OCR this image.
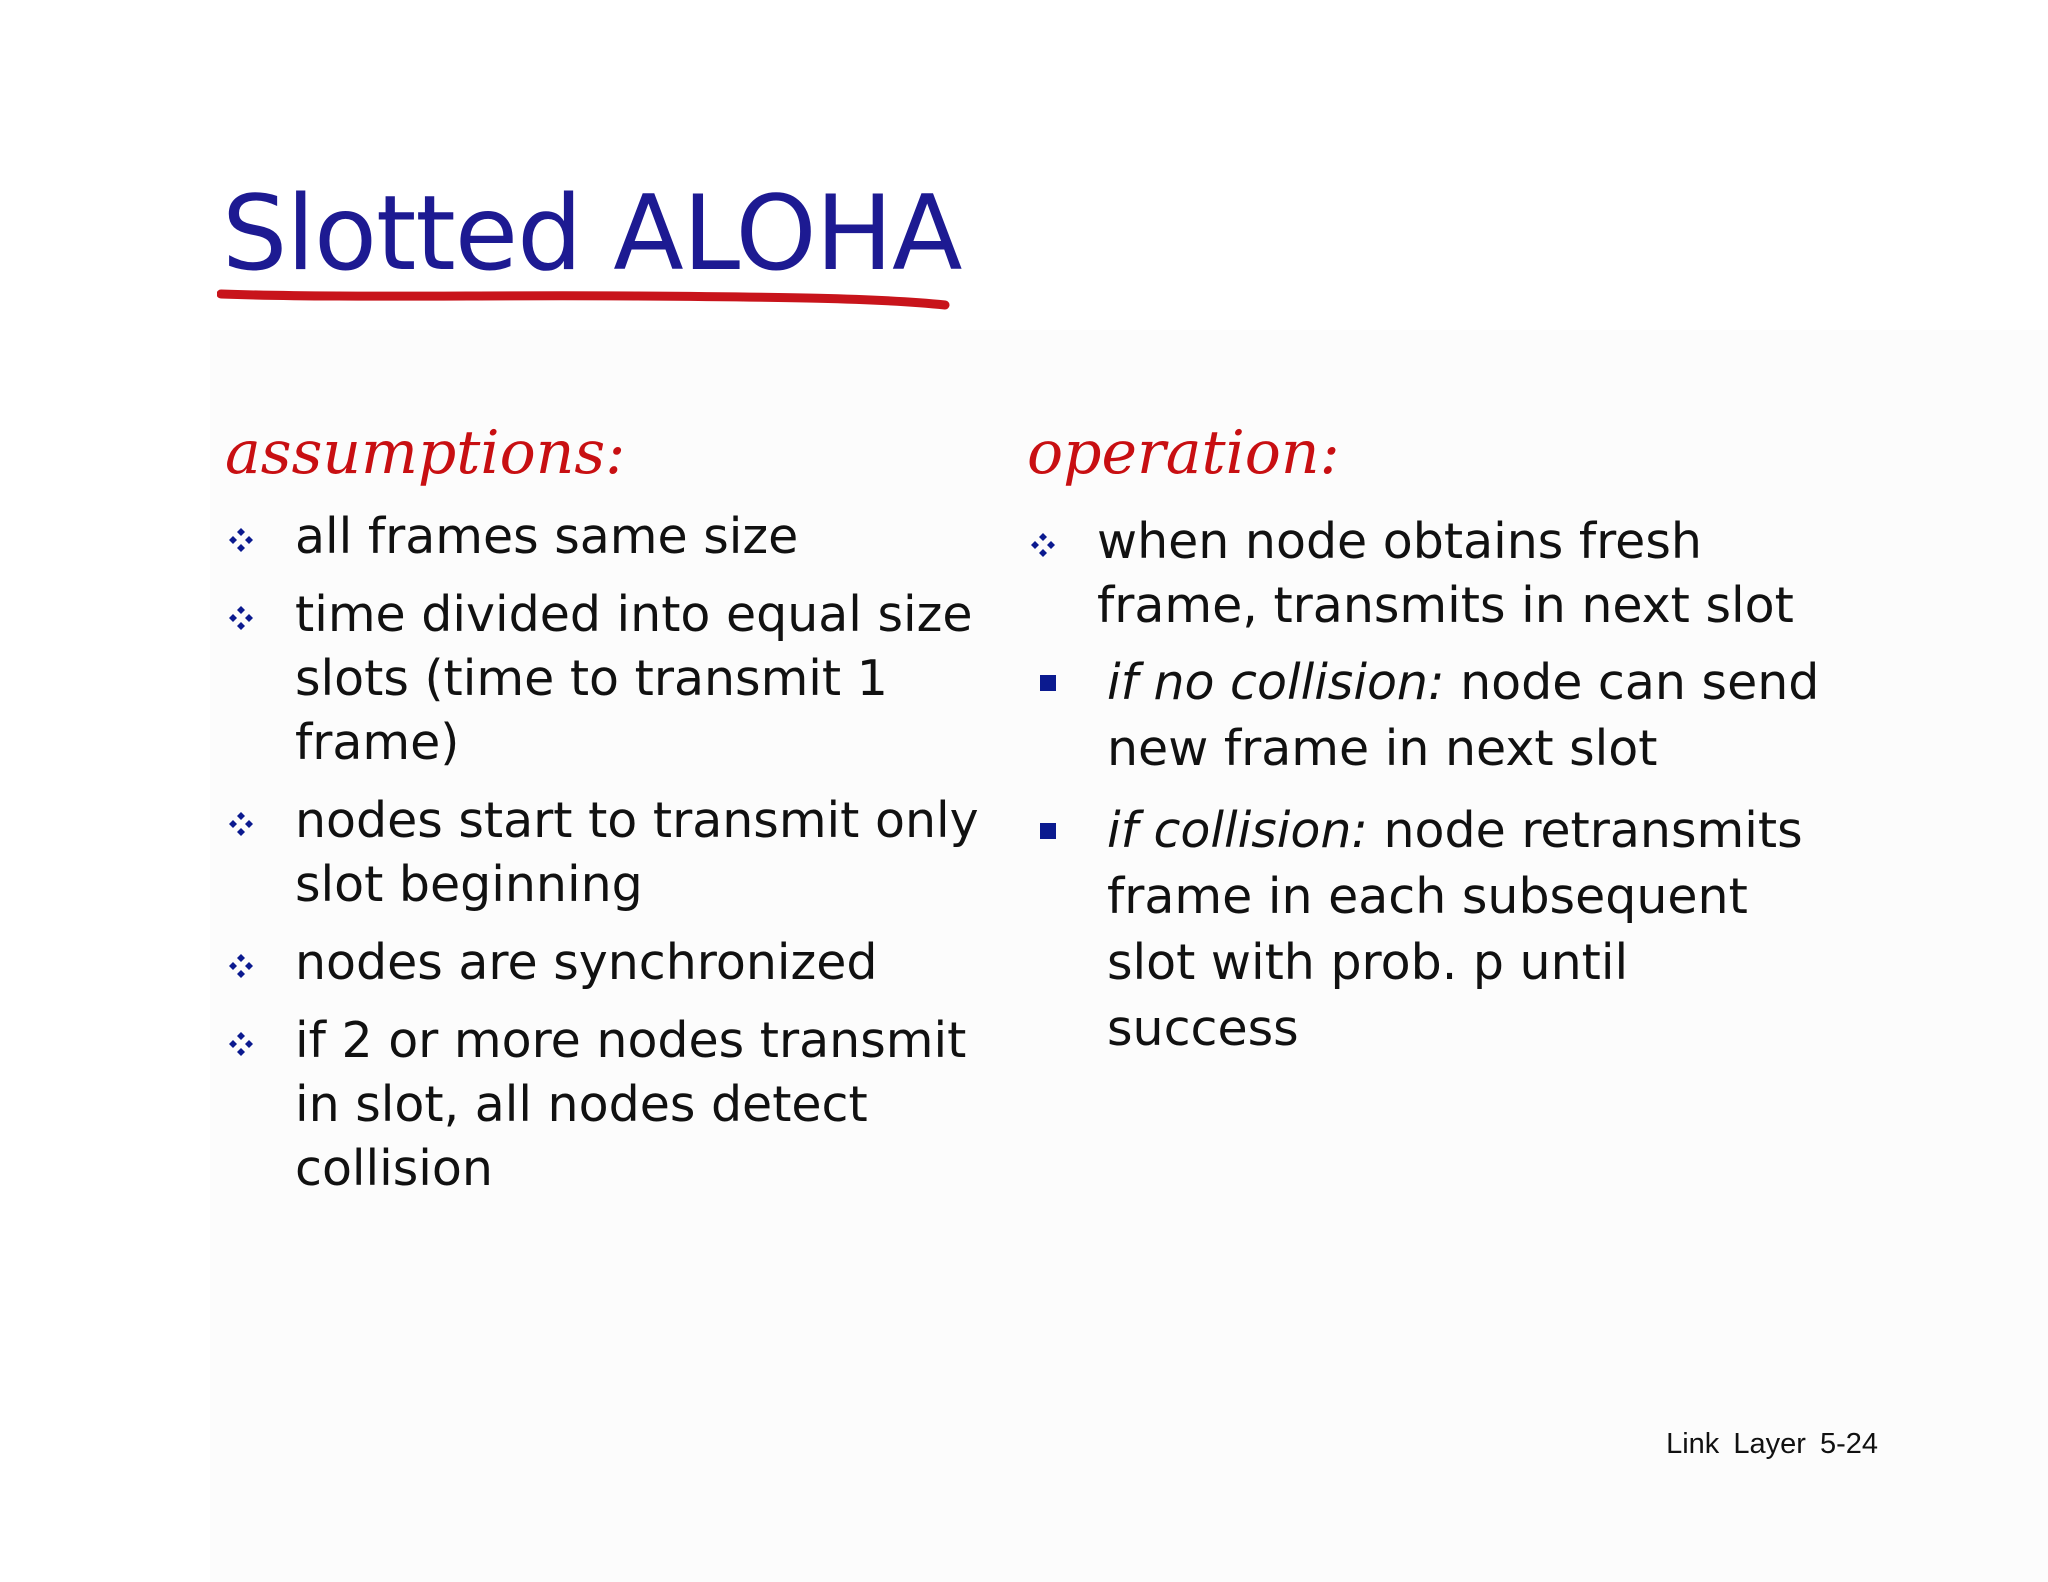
Slotted ALOHA
assumptions:	operation:
all frames same size
time divided into equal size slots (time to transmit 1 frame)
nodes start to transmit only slot beginning
nodes are synchronized
if 2 or more nodes transmit in slot, all nodes detect collision
when node obtains fresh frame, transmits in next slot
if no collision: node can send new frame in next slot
if collision: node retransmits frame in each subsequent slot with prob. p until success
Link Layer 5-24
